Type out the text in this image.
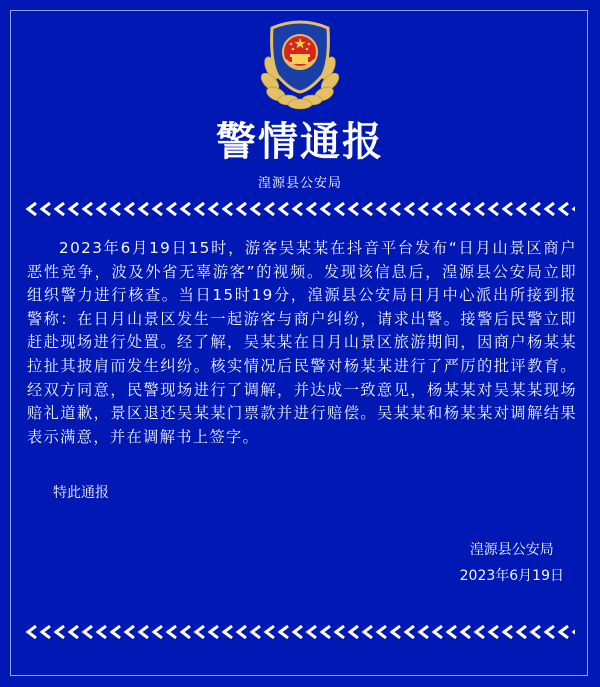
警情通报
湟源县公安局

2023年6月19日15时，游客吴某某在抖音平台发布“日月山景区商户恶性竞争，波及外省无辜游客”的视频。发现该信息后，湟源县公安局立即组织警力进行核查。当日15时19分，湟源县公安局日月中心派出所接到报警称：在日月山景区发生一起游客与商户纠纷，请求出警。接警后民警立即赶赴现场进行处置。经了解，吴某某在日月山景区旅游期间，因商户杨某某拉扯其披肩而发生纠纷。核实情况后民警对杨某某进行了严厉的批评教育。经双方同意，民警现场进行了调解，并达成一致意见，杨某某对吴某某现场赔礼道歉，景区退还吴某某门票款并进行赔偿。吴某某和杨某某对调解结果表示满意，并在调解书上签字。

特此通报
湟源县公安局
2023年6月19日
